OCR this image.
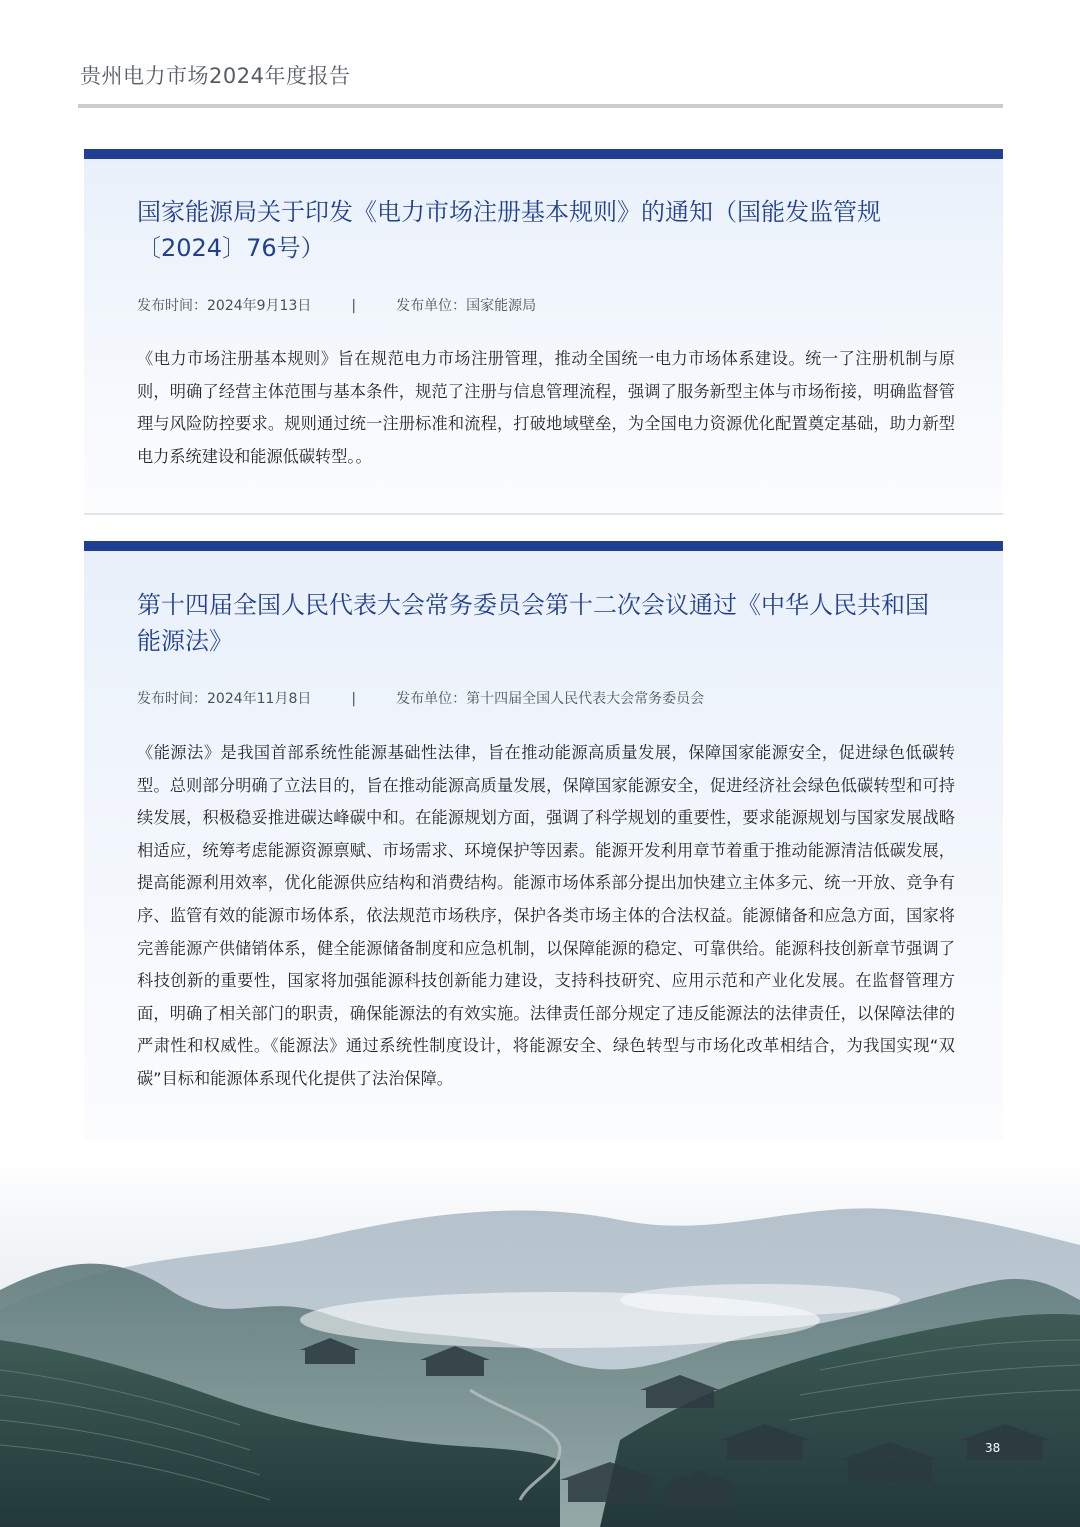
贵州电力市场2024年度报告
国家能源局关于印发《电力市场注册基本规则》的通知（国能发监管规〔2024〕76号）
发布时间：2024年9月13日	|	发布单位：国家能源局

《电力市场注册基本规则》旨在规范电力市场注册管理，推动全国统一电力市场体系建设。统一了注册机制与原则，明确了经营主体范围与基本条件，规范了注册与信息管理流程，强调了服务新型主体与市场衔接，明确监督管理与风险防控要求。规则通过统一注册标准和流程，打破地域壁垒，为全国电力资源优化配置奠定基础，助力新型电力系统建设和能源低碳转型。。

第十四届全国人民代表大会常务委员会第十二次会议通过《中华人民共和国能源法》
发布时间：2024年11月8日	|	发布单位：第十四届全国人民代表大会常务委员会

《能源法》是我国首部系统性能源基础性法律，旨在推动能源高质量发展，保障国家能源安全，促进绿色低碳转型。总则部分明确了立法目的，旨在推动能源高质量发展，保障国家能源安全，促进经济社会绿色低碳转型和可持续发展，积极稳妥推进碳达峰碳中和。在能源规划方面，强调了科学规划的重要性，要求能源规划与国家发展战略相适应，统筹考虑能源资源禀赋、市场需求、环境保护等因素。能源开发利用章节着重于推动能源清洁低碳发展，提高能源利用效率，优化能源供应结构和消费结构。能源市场体系部分提出加快建立主体多元、统一开放、竞争有序、监管有效的能源市场体系，依法规范市场秩序，保护各类市场主体的合法权益。能源储备和应急方面，国家将完善能源产供储销体系，健全能源储备制度和应急机制，以保障能源的稳定、可靠供给。能源科技创新章节强调了科技创新的重要性，国家将加强能源科技创新能力建设，支持科技研究、应用示范和产业化发展。在监督管理方面，明确了相关部门的职责，确保能源法的有效实施。法律责任部分规定了违反能源法的法律责任，以保障法律的严肃性和权威性。《能源法》通过系统性制度设计，将能源安全、绿色转型与市场化改革相结合，为我国实现“双碳”目标和能源体系现代化提供了法治保障。

38
